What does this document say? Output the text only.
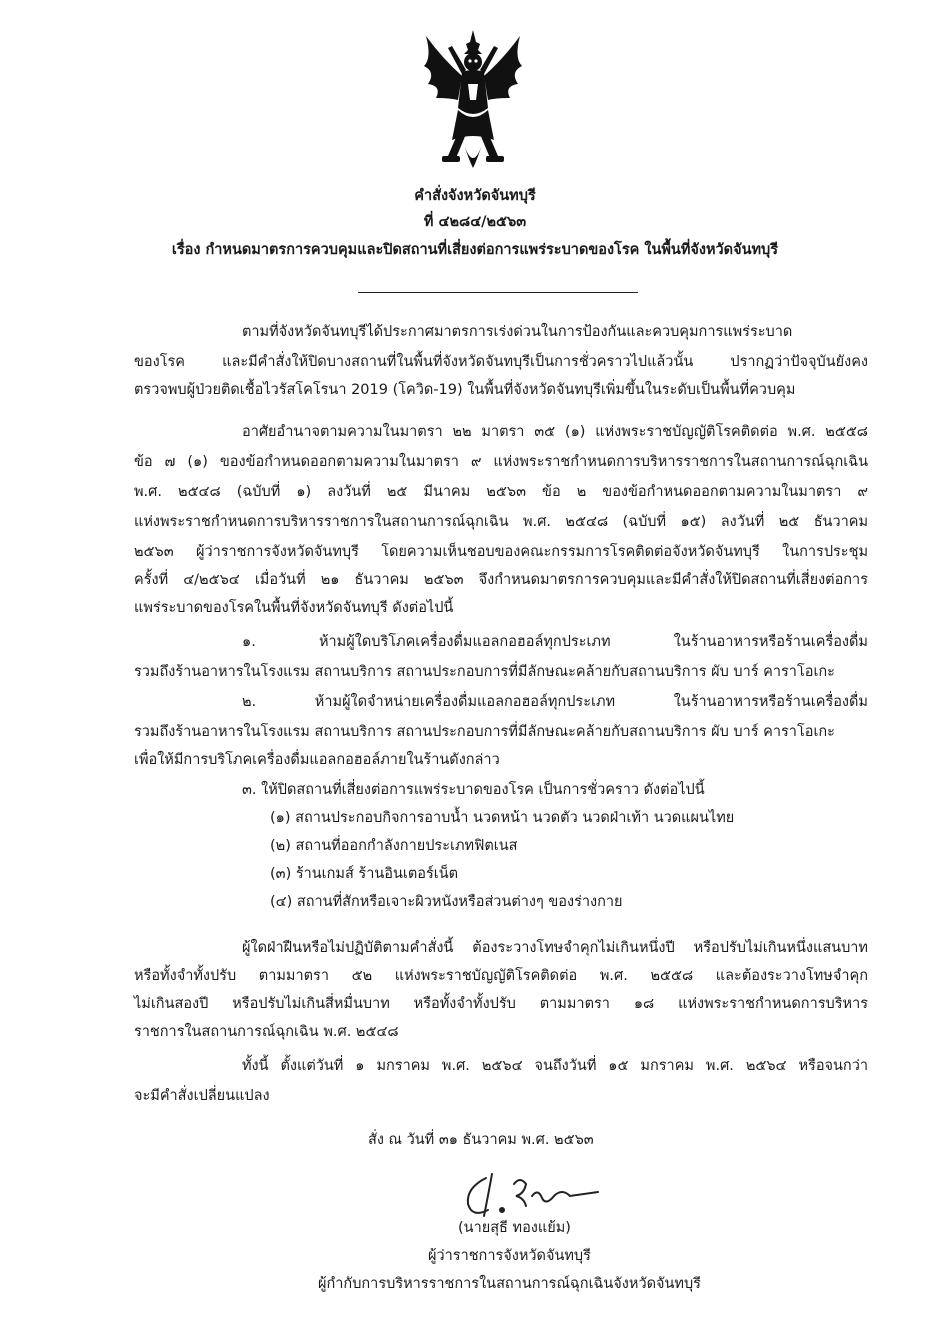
คำสั่งจังหวัดจันทบุรี
ที่ ๔๒๘๔/๒๕๖๓
เรื่อง กำหนดมาตรการควบคุมและปิดสถานที่เสี่ยงต่อการแพร่ระบาดของโรค ในพื้นที่จังหวัดจันทบุรี
ตามที่จังหวัดจันทบุรีได้ประกาศมาตรการเร่งด่วนในการป้องกันและควบคุมการแพร่ระบาด
ของโรค และมีคำสั่งให้ปิดบางสถานที่ในพื้นที่จังหวัดจันทบุรีเป็นการชั่วคราวไปแล้วนั้น ปรากฏว่าปัจจุบันยังคง
ตรวจพบผู้ป่วยติดเชื้อไวรัสโคโรนา 2019 (โควิด-19) ในพื้นที่จังหวัดจันทบุรีเพิ่มขึ้นในระดับเป็นพื้นที่ควบคุม
อาศัยอำนาจตามความในมาตรา ๒๒ มาตรา ๓๕ (๑) แห่งพระราชบัญญัติโรคติดต่อ พ.ศ. ๒๕๕๘
ข้อ ๗ (๑) ของข้อกำหนดออกตามความในมาตรา ๙ แห่งพระราชกำหนดการบริหารราชการในสถานการณ์ฉุกเฉิน
พ.ศ. ๒๕๔๘ (ฉบับที่ ๑) ลงวันที่ ๒๕ มีนาคม ๒๕๖๓ ข้อ ๒ ของข้อกำหนดออกตามความในมาตรา ๙
แห่งพระราชกำหนดการบริหารราชการในสถานการณ์ฉุกเฉิน พ.ศ. ๒๕๔๘ (ฉบับที่ ๑๕) ลงวันที่ ๒๕ ธันวาคม
๒๕๖๓ ผู้ว่าราชการจังหวัดจันทบุรี โดยความเห็นชอบของคณะกรรมการโรคติดต่อจังหวัดจันทบุรี ในการประชุม
ครั้งที่ ๔/๒๕๖๔ เมื่อวันที่ ๒๑ ธันวาคม ๒๕๖๓ จึงกำหนดมาตรการควบคุมและมีคำสั่งให้ปิดสถานที่เสี่ยงต่อการ
แพร่ระบาดของโรคในพื้นที่จังหวัดจันทบุรี ดังต่อไปนี้
๑. ห้ามผู้ใดบริโภคเครื่องดื่มแอลกอฮอล์ทุกประเภท ในร้านอาหารหรือร้านเครื่องดื่ม
รวมถึงร้านอาหารในโรงแรม สถานบริการ สถานประกอบการที่มีลักษณะคล้ายกับสถานบริการ ผับ บาร์ คาราโอเกะ
๒. ห้ามผู้ใดจำหน่ายเครื่องดื่มแอลกอฮอล์ทุกประเภท ในร้านอาหารหรือร้านเครื่องดื่ม
รวมถึงร้านอาหารในโรงแรม สถานบริการ สถานประกอบการที่มีลักษณะคล้ายกับสถานบริการ ผับ บาร์ คาราโอเกะ
เพื่อให้มีการบริโภคเครื่องดื่มแอลกอฮอล์ภายในร้านดังกล่าว
๓. ให้ปิดสถานที่เสี่ยงต่อการแพร่ระบาดของโรค เป็นการชั่วคราว ดังต่อไปนี้
(๑) สถานประกอบกิจการอาบน้ำ นวดหน้า นวดตัว นวดฝ่าเท้า นวดแผนไทย
(๒) สถานที่ออกกำลังกายประเภทฟิตเนส
(๓) ร้านเกมส์ ร้านอินเตอร์เน็ต
(๔) สถานที่สักหรือเจาะผิวหนังหรือส่วนต่างๆ ของร่างกาย
ผู้ใดฝ่าฝืนหรือไม่ปฏิบัติตามคำสั่งนี้ ต้องระวางโทษจำคุกไม่เกินหนึ่งปี หรือปรับไม่เกินหนึ่งแสนบาท
หรือทั้งจำทั้งปรับ ตามมาตรา ๕๒ แห่งพระราชบัญญัติโรคติดต่อ พ.ศ. ๒๕๕๘ และต้องระวางโทษจำคุก
ไม่เกินสองปี หรือปรับไม่เกินสี่หมื่นบาท หรือทั้งจำทั้งปรับ ตามมาตรา ๑๘ แห่งพระราชกำหนดการบริหาร
ราชการในสถานการณ์ฉุกเฉิน พ.ศ. ๒๕๔๘
ทั้งนี้ ตั้งแต่วันที่ ๑ มกราคม พ.ศ. ๒๕๖๔ จนถึงวันที่ ๑๕ มกราคม พ.ศ. ๒๕๖๔ หรือจนกว่า
จะมีคำสั่งเปลี่ยนแปลง
สั่ง ณ วันที่ ๓๑ ธันวาคม พ.ศ. ๒๕๖๓
(นายสุธี ทองแย้ม)
ผู้ว่าราชการจังหวัดจันทบุรี
ผู้กำกับการบริหารราชการในสถานการณ์ฉุกเฉินจังหวัดจันทบุรี
